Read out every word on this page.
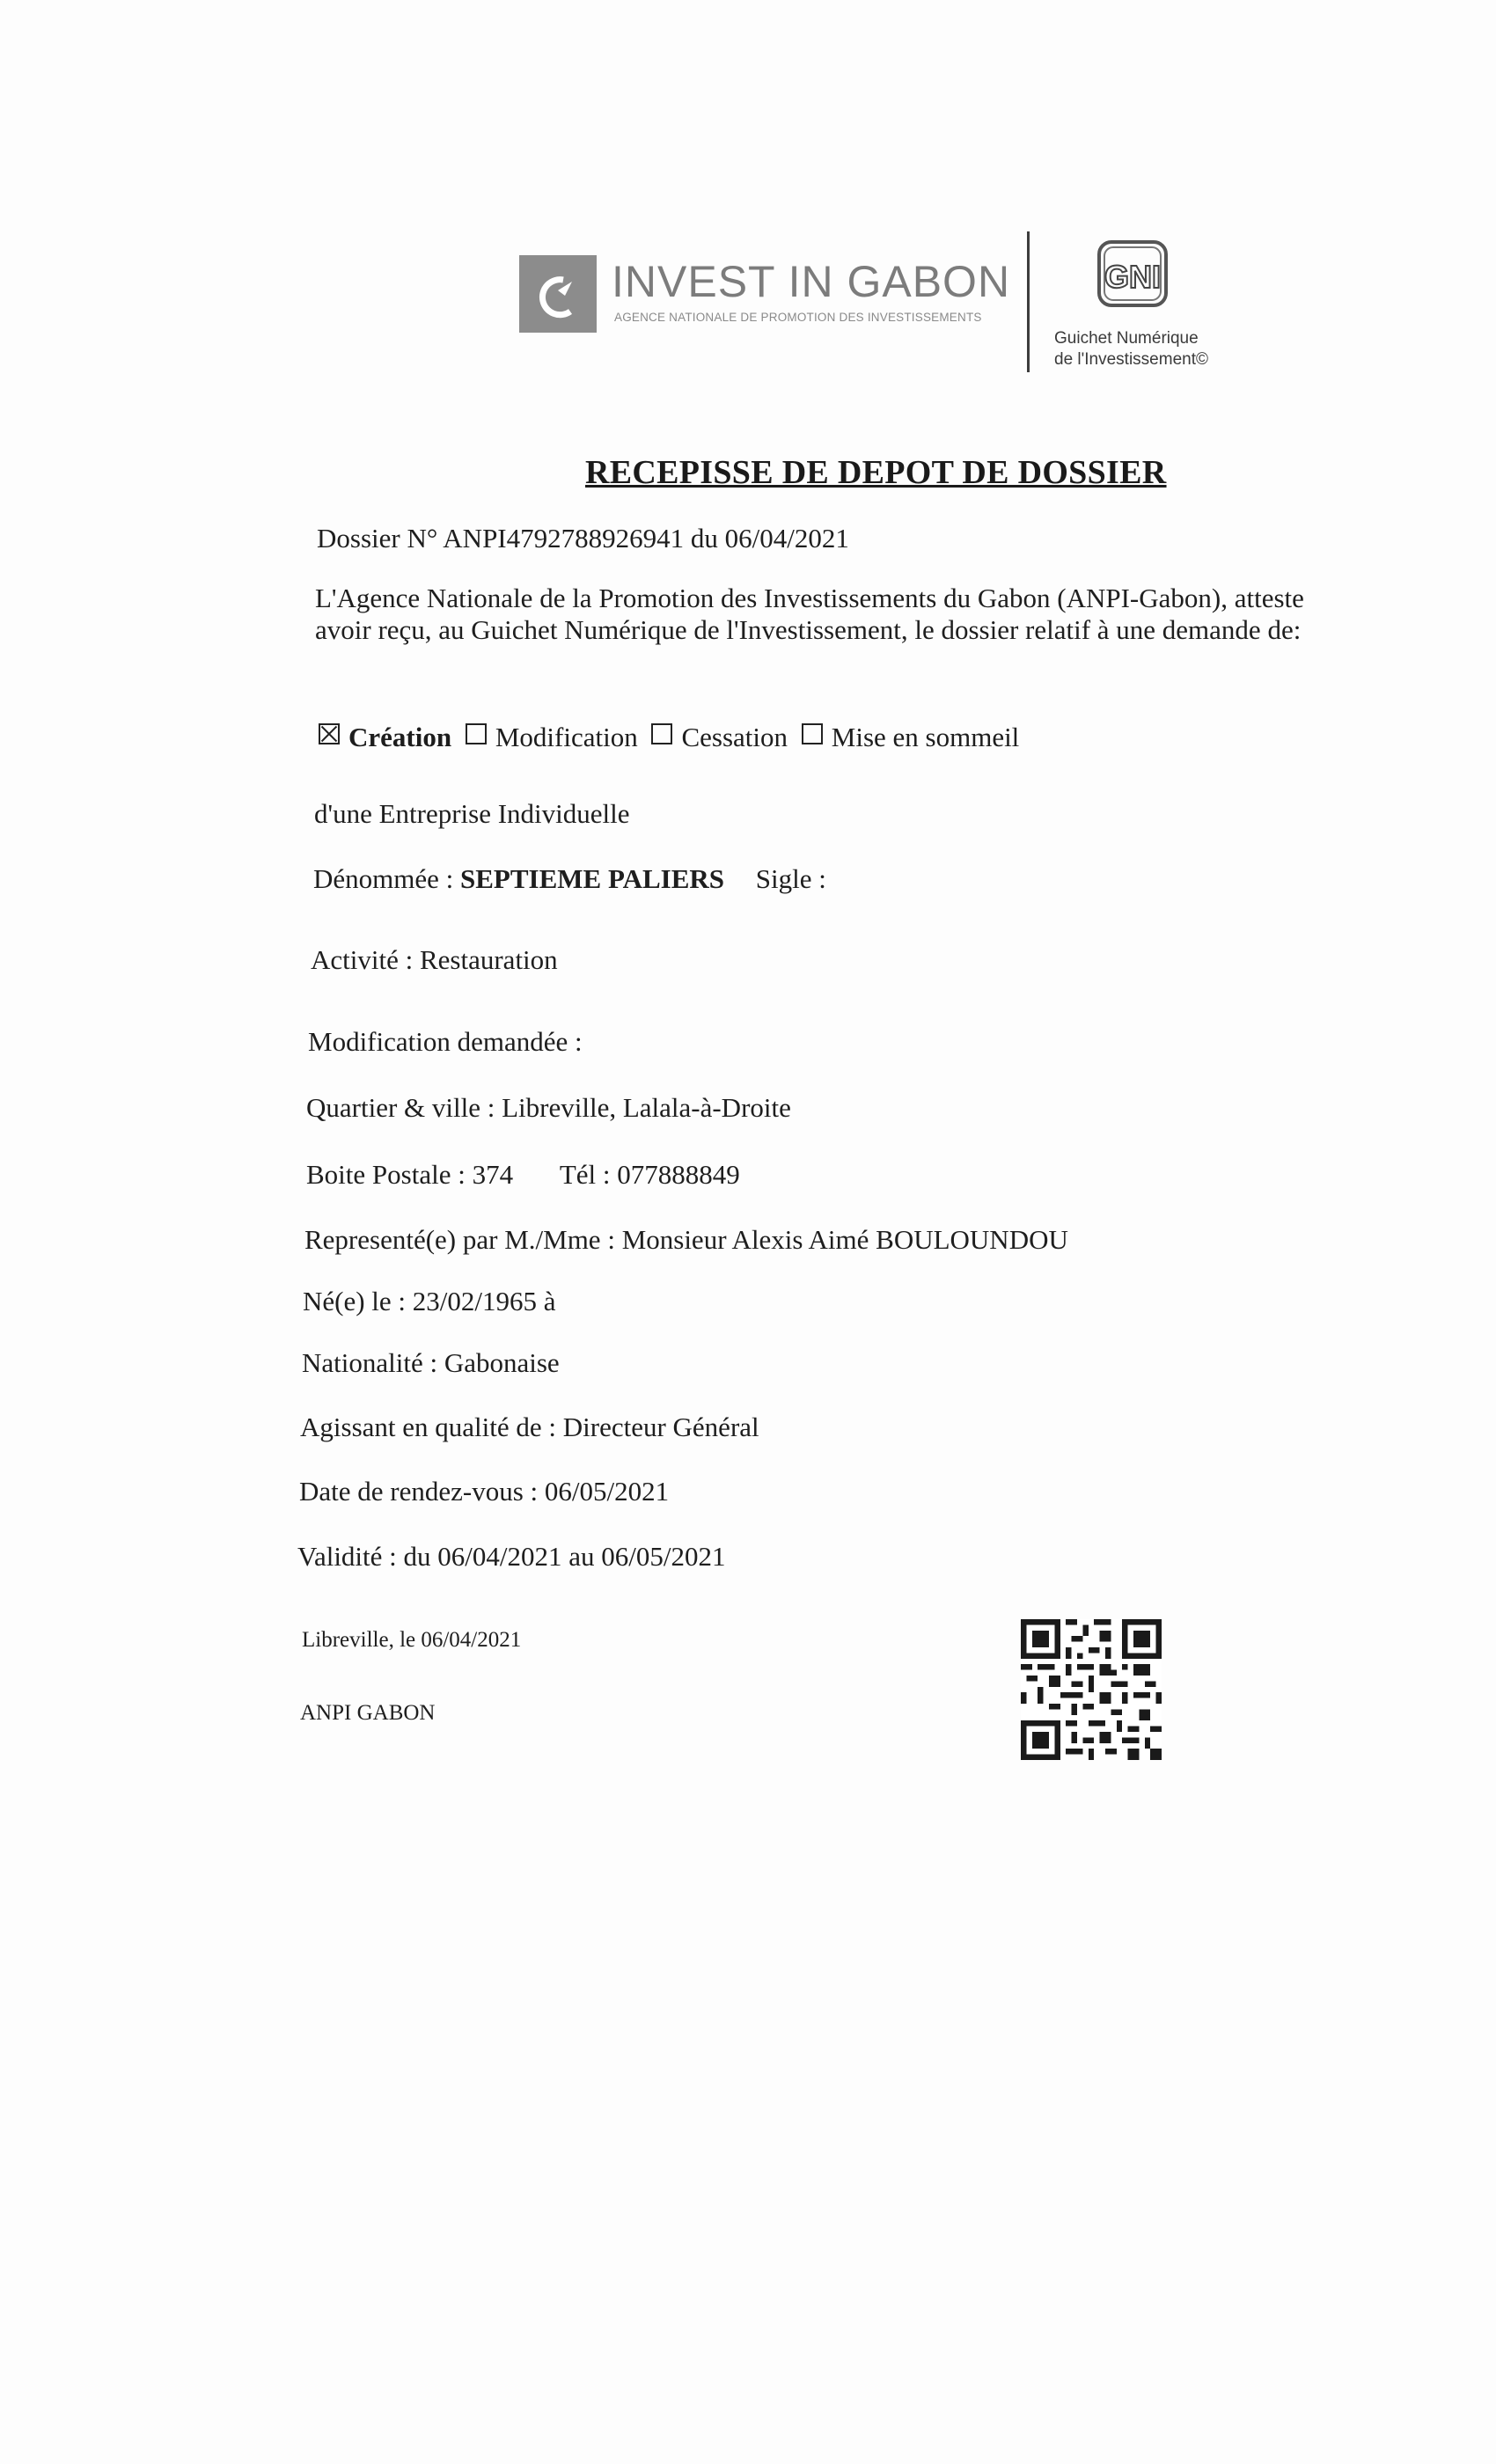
INVEST IN GABON
AGENCE NATIONALE DE PROMOTION DES INVESTISSEMENTS
GNI
Guichet Numérique
de l'Investissement©
RECEPISSE DE DEPOT DE DOSSIER
Dossier N° ANPI4792788926941 du 06/04/2021
L'Agence Nationale de la Promotion des Investissements du Gabon (ANPI-Gabon), atteste avoir reçu, au Guichet Numérique de l'Investissement, le dossier relatif à une demande de:
Création Modification Cessation Mise en sommeil
d'une Entreprise Individuelle
Dénommée : SEPTIEME PALIERS Sigle :
Activité : Restauration
Modification demandée :
Quartier & ville : Libreville, Lalala-à-Droite
Boite Postale : 374 Tél : 077888849
Representé(e) par M./Mme : Monsieur Alexis Aimé BOULOUNDOU
Né(e) le : 23/02/1965 à
Nationalité : Gabonaise
Agissant en qualité de : Directeur Général
Date de rendez-vous : 06/05/2021
Validité : du 06/04/2021 au 06/05/2021
Libreville, le 06/04/2021
ANPI GABON
